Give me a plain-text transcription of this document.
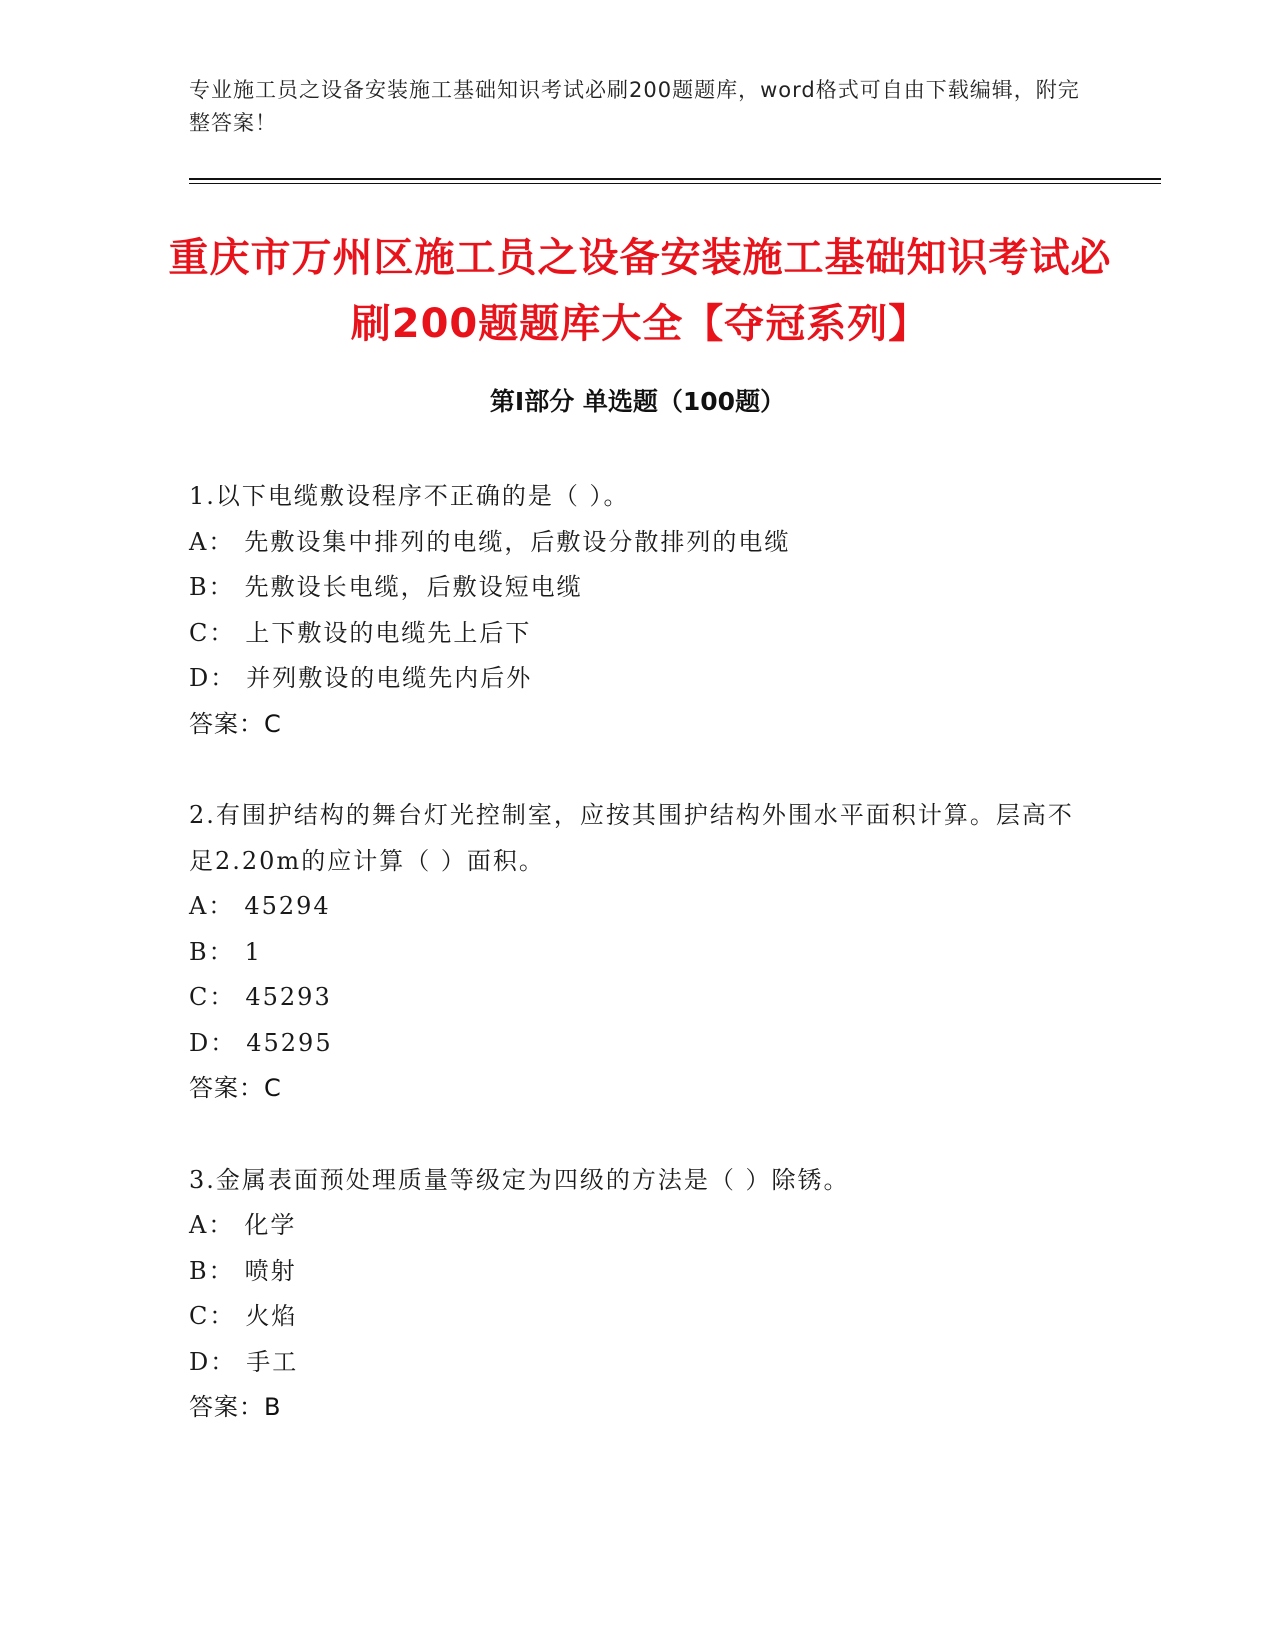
专业施工员之设备安装施工基础知识考试必刷200题题库，word格式可自由下载编辑，附完整答案！
重庆市万州区施工员之设备安装施工基础知识考试必刷200题题库大全【夺冠系列】
第Ⅰ部分 单选题（100题）
1.以下电缆敷设程序不正确的是（ ）。
A： 先敷设集中排列的电缆，后敷设分散排列的电缆
B： 先敷设长电缆，后敷设短电缆
C： 上下敷设的电缆先上后下
D： 并列敷设的电缆先内后外
答案：C
2.有围护结构的舞台灯光控制室，应按其围护结构外围水平面积计算。层高不足2.20m的应计算（ ）面积。
A： 45294
B： 1
C： 45293
D： 45295
答案：C
3.金属表面预处理质量等级定为四级的方法是（ ）除锈。
A： 化学
B： 喷射
C： 火焰
D： 手工
答案：B
